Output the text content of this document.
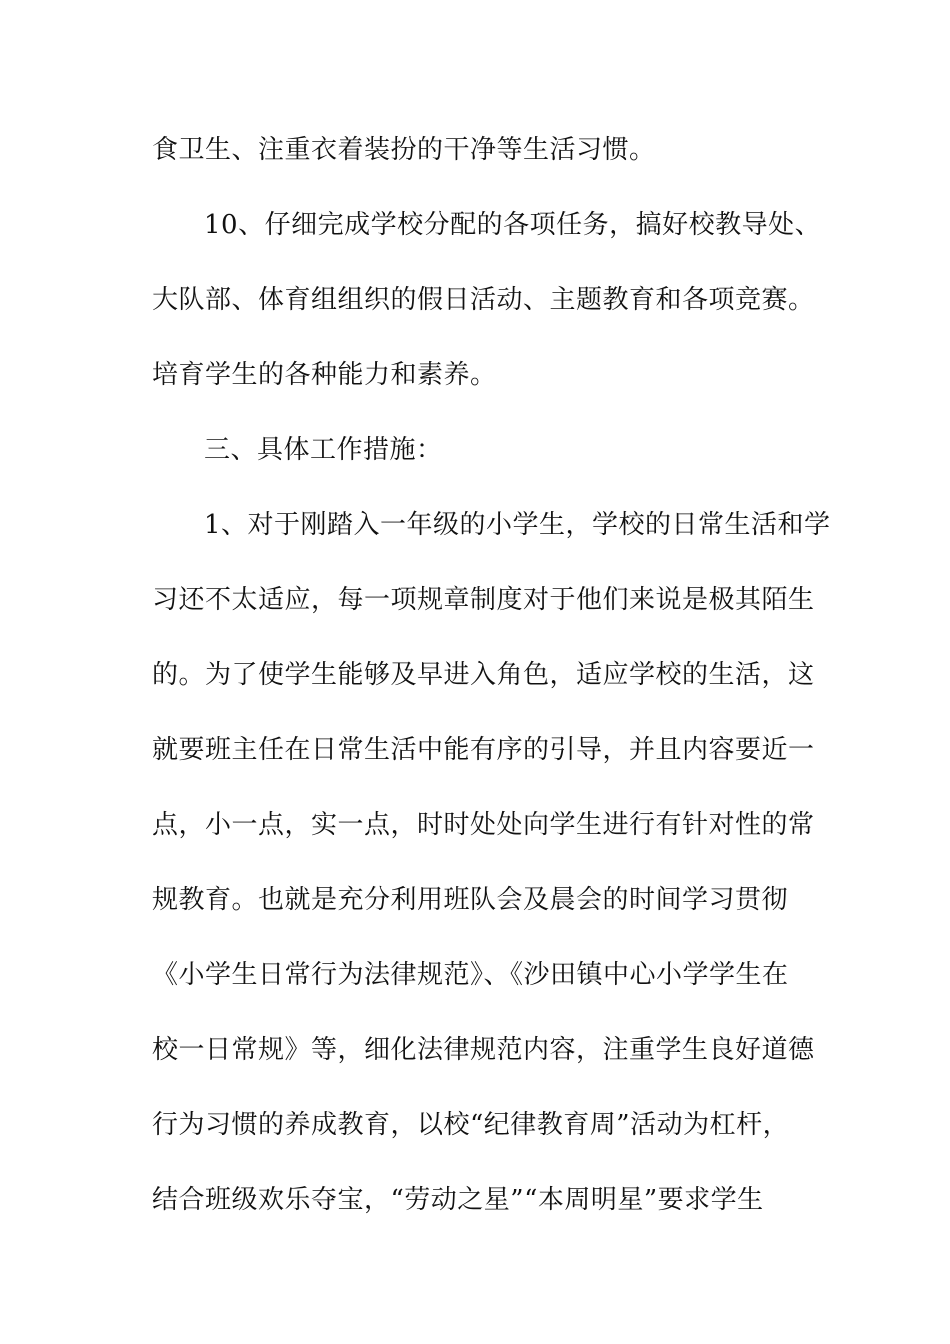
食卫生、注重衣着装扮的干净等生活习惯。
10、仔细完成学校分配的各项任务，搞好校教导处、
大队部、体育组组织的假日活动、主题教育和各项竞赛。
培育学生的各种能力和素养。
三、具体工作措施：
1、对于刚踏入一年级的小学生，学校的日常生活和学
习还不太适应，每一项规章制度对于他们来说是极其陌生
的。为了使学生能够及早进入角色，适应学校的生活，这
就要班主任在日常生活中能有序的引导，并且内容要近一
点，小一点，实一点，时时处处向学生进行有针对性的常
规教育。也就是充分利用班队会及晨会的时间学习贯彻
《小学生日常行为法律规范》、《沙田镇中心小学学生在
校一日常规》等，细化法律规范内容，注重学生良好道德
行为习惯的养成教育，以校“纪律教育周”活动为杠杆，
结合班级欢乐夺宝，“劳动之星”“本周明星”要求学生
